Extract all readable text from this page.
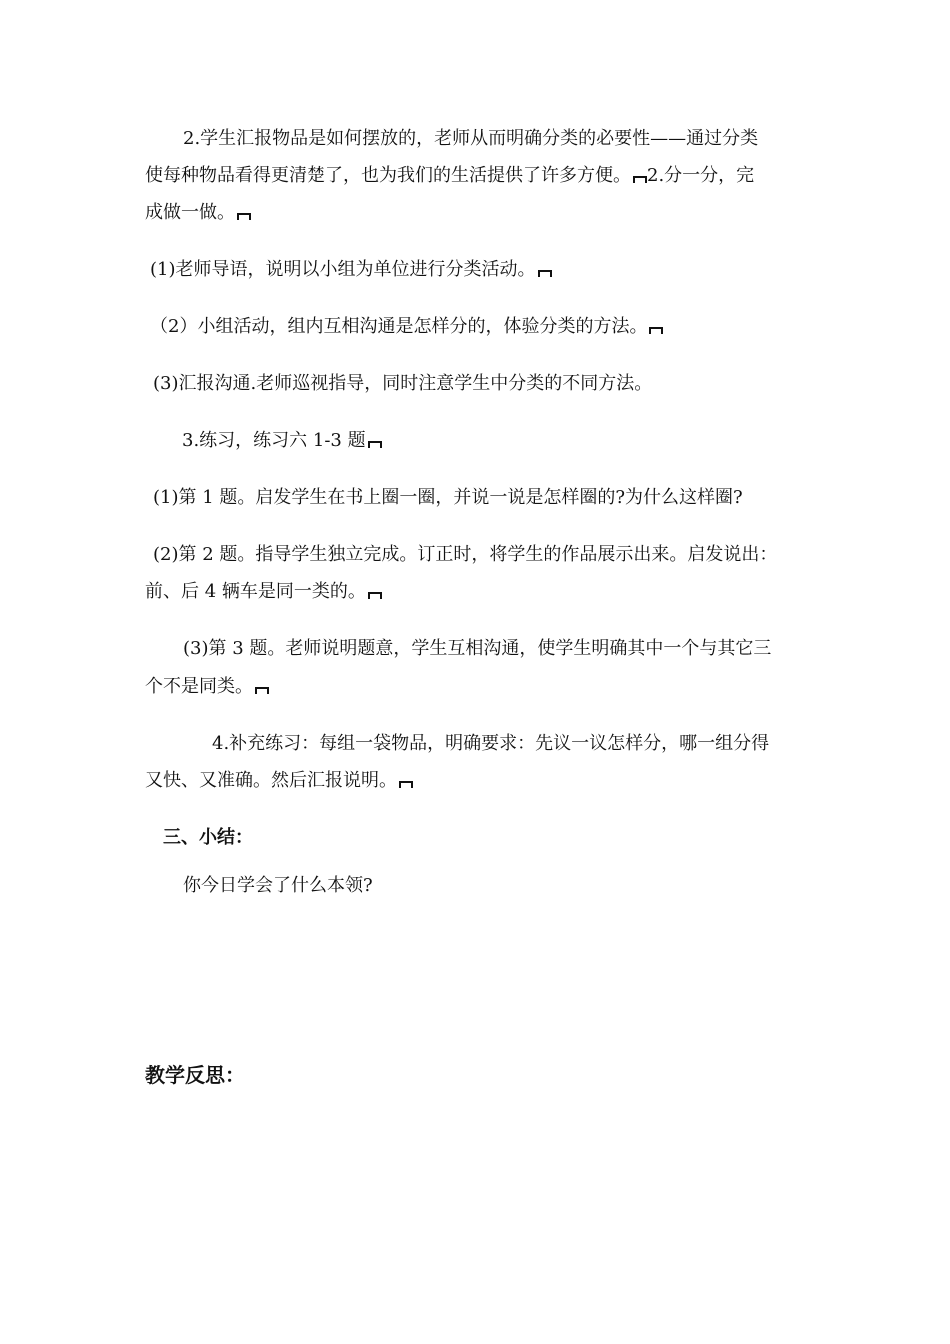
2.学生汇报物品是如何摆放的，老师从而明确分类的必要性——通过分类
使每种物品看得更清楚了，也为我们的生活提供了许多方便。 2.分一分，完
成做一做。
(1)老师导语，说明以小组为单位进行分类活动。
（2）小组活动，组内互相沟通是怎样分的，体验分类的方法。
(3)汇报沟通.老师巡视指导，同时注意学生中分类的不同方法。
3.练习，练习六 1-3 题
(1)第 1 题。启发学生在书上圈一圈，并说一说是怎样圈的?为什么这样圈?
(2)第 2 题。指导学生独立完成。订正时，将学生的作品展示出来。启发说出：
前、后 4 辆车是同一类的。
(3)第 3 题。老师说明题意，学生互相沟通，使学生明确其中一个与其它三
个不是同类。
4.补充练习：每组一袋物品，明确要求：先议一议怎样分，哪一组分得
又快、又准确。然后汇报说明。
三、小结：
你今日学会了什么本领?
教学反思：
